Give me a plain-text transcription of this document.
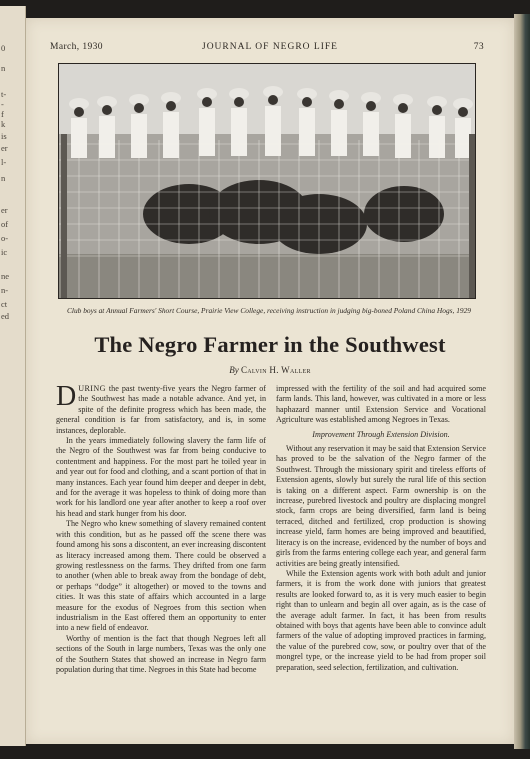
0
n
t-
-
f
k
is
er
l-
n
er
of
o-
ic
ne
n-
ct
ed
March, 1930	JOURNAL OF NEGRO LIFE	73
Club boys at Annual Farmers' Short Course, Prairie View College, receiving instruction in judging big-boned Poland China Hogs, 1929
The Negro Farmer in the Southwest
By Calvin H. Waller

DURING the past twenty-five years the Negro farmer of the Southwest has made a notable advance. And yet, in spite of the definite progress which has been made, the general condition is far from satisfactory, and is, in some instances, deplorable.

In the years immediately following slavery the farm life of the Negro of the Southwest was far from being conducive to contentment and happiness. For the most part he toiled year in and year out for food and clothing, and a scant portion of that in many instances. Each year found him deeper and deeper in debt, and for the average it was hopeless to think of doing more than work for his landlord one year after another to keep a roof over his head and stark hunger from his door.

The Negro who knew something of slavery remained content with this condition, but as he passed off the scene there was found among his sons a discontent, an ever increasing discontent as literacy increased among them. There could be observed a growing restlessness on the farms. They drifted from one farm to another (when able to break away from the bondage of debt, or perhaps “dodge” it altogether) or moved to the towns and cities. It was this state of affairs which accounted in a large measure for the exodus of Negroes from this section when industrialism in the East offered them an opportunity to enter into a new field of endeavor.

Worthy of mention is the fact that though Negroes left all sections of the South in large numbers, Texas was the only one of the Southern States that showed an increase in Negro farm population during that time. Negroes in this State had become

impressed with the fertility of the soil and had acquired some farm lands. This land, however, was cultivated in a more or less haphazard manner until Extension Service and Vocational Agriculture was established among Negroes in Texas.

Improvement Through Extension Division.

Without any reservation it may be said that Extension Service has proved to be the salvation of the Negro farmer of the Southwest. Through the missionary spirit and tireless efforts of Extension agents, slowly but surely the rural life of this section is taking on a different aspect. Farm ownership is on the increase, purebred livestock and poultry are displacing mongrel stock, farm crops are being diversified, farm land is being terraced, ditched and fertilized, crop production is showing increase yield, farm homes are being improved and beautified, literacy is on the increase, evidenced by the number of boys and girls from the farms entering college each year, and general farm activities are being greatly intensified.

While the Extension agents work with both adult and junior farmers, it is from the work done with juniors that greatest results are looked forward to, as it is very much easier to begin right than to unlearn and begin all over again, as is the case of the average adult farmer. In fact, it has been from results obtained with boys that agents have been able to convince adult farmers of the value of adopting improved practices in farming, the value of the purebred cow, sow, or poultry over that of the mongrel type, or the increase yield to be had from proper soil preparation, seed selection, fertilization, and cultivation.
